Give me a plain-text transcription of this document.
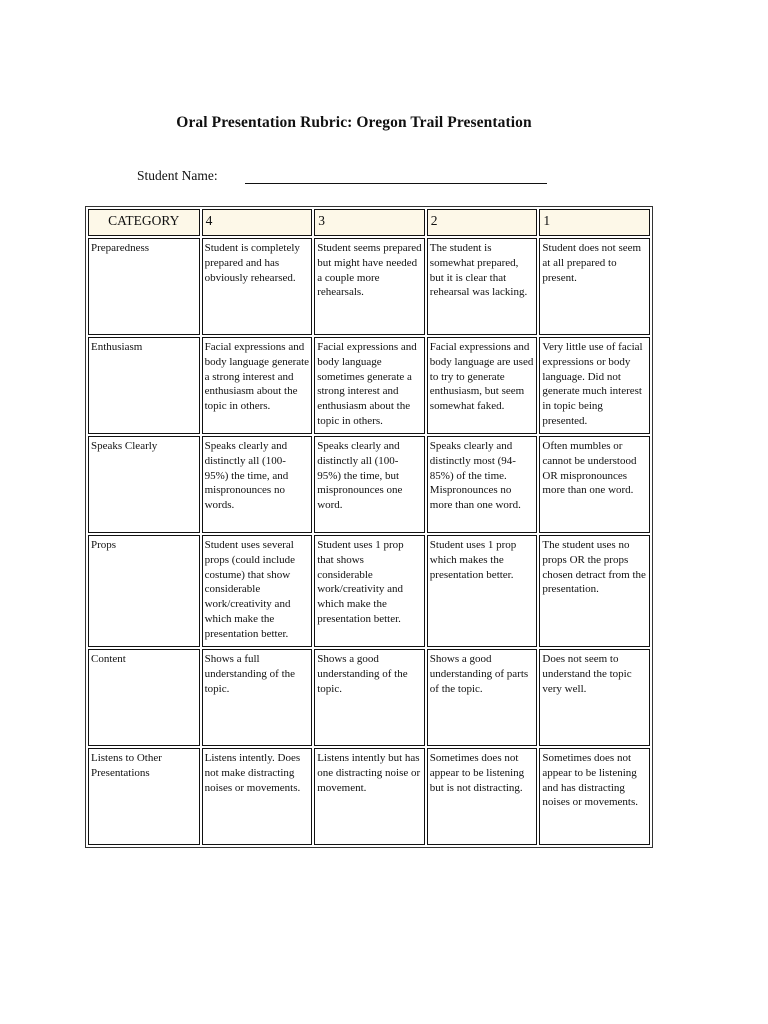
Oral Presentation Rubric: Oregon Trail Presentation
Student Name:
CATEGORY	4	3	2	1
Preparedness	Student is completely prepared and has obviously rehearsed.	Student seems prepared but might have needed a couple more rehearsals.	The student is somewhat prepared, but it is clear that rehearsal was lacking.	Student does not seem at all prepared to present.
Enthusiasm	Facial expressions and body language generate a strong interest and enthusiasm about the topic in others.	Facial expressions and body language sometimes generate a strong interest and enthusiasm about the topic in others.	Facial expressions and body language are used to try to generate enthusiasm, but seem somewhat faked.	Very little use of facial expressions or body language. Did not generate much interest in topic being presented.
Speaks Clearly	Speaks clearly and distinctly all (100-95%) the time, and mispronounces no words.	Speaks clearly and distinctly all (100-95%) the time, but mispronounces one word.	Speaks clearly and distinctly most (94-85%) of the time. Mispronounces no more than one word.	Often mumbles or cannot be understood OR mispronounces more than one word.
Props	Student uses several props (could include costume) that show considerable work/creativity and which make the presentation better.	Student uses 1 prop that shows considerable work/creativity and which make the presentation better.	Student uses 1 prop which makes the presentation better.	The student uses no props OR the props chosen detract from the presentation.
Content	Shows a full understanding of the topic.	Shows a good understanding of the topic.	Shows a good understanding of parts of the topic.	Does not seem to understand the topic very well.
Listens to Other Presentations	Listens intently. Does not make distracting noises or movements.	Listens intently but has one distracting noise or movement.	Sometimes does not appear to be listening but is not distracting.	Sometimes does not appear to be listening and has distracting noises or movements.
